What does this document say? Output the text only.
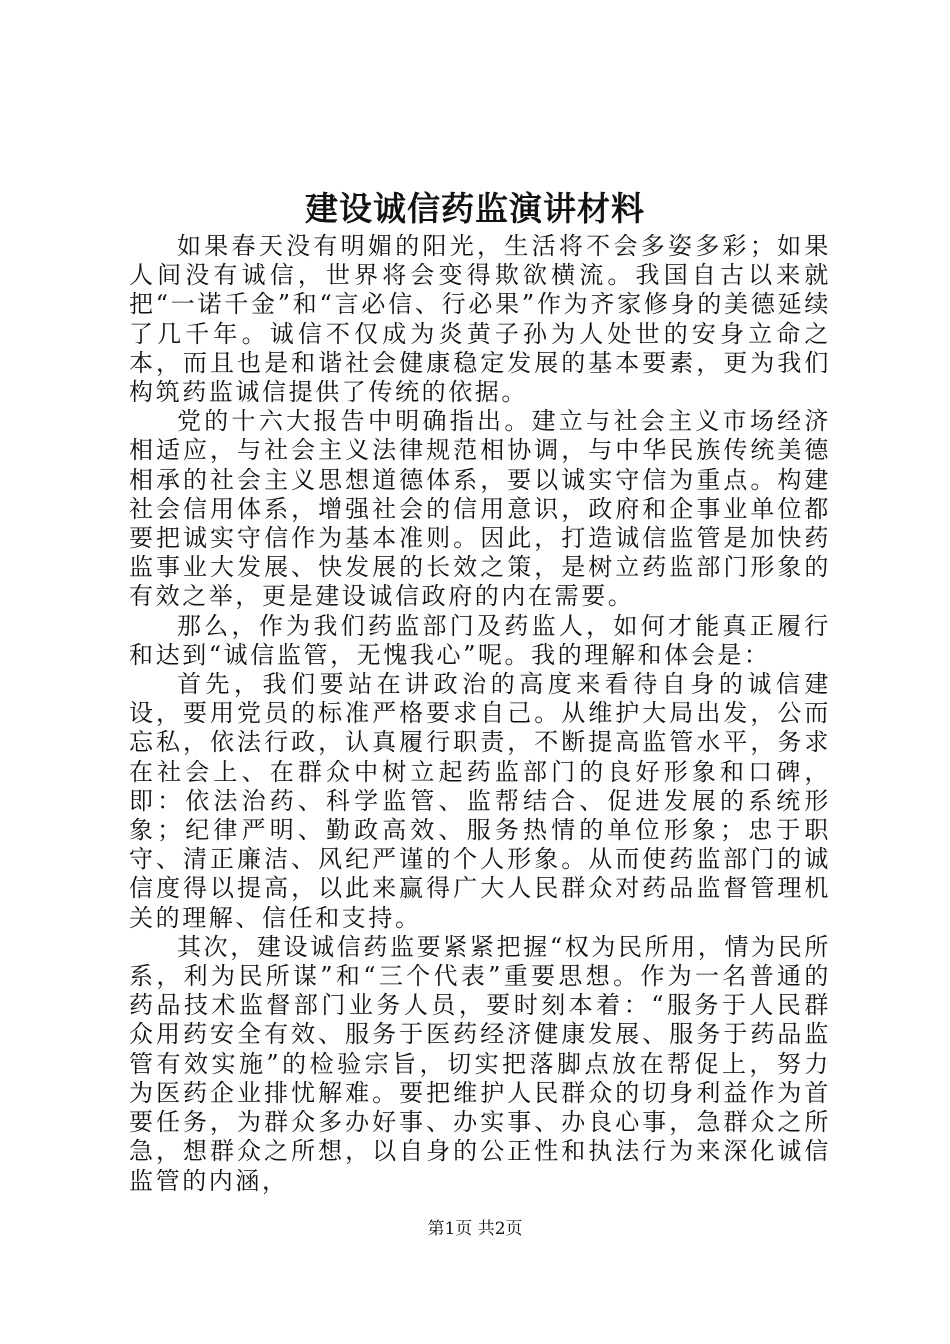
建设诚信药监演讲材料

如果春天没有明媚的阳光，生活将不会多姿多彩；如果人间没有诚信，世界将会变得欺欲横流。我国自古以来就把“一诺千金”和“言必信、行必果”作为齐家修身的美德延续了几千年。诚信不仅成为炎黄子孙为人处世的安身立命之本，而且也是和谐社会健康稳定发展的基本要素，更为我们构筑药监诚信提供了传统的依据。

党的十六大报告中明确指出。建立与社会主义市场经济相适应，与社会主义法律规范相协调，与中华民族传统美德相承的社会主义思想道德体系，要以诚实守信为重点。构建社会信用体系，增强社会的信用意识，政府和企事业单位都要把诚实守信作为基本准则。因此，打造诚信监管是加快药监事业大发展、快发展的长效之策，是树立药监部门形象的有效之举，更是建设诚信政府的内在需要。

那么，作为我们药监部门及药监人，如何才能真正履行和达到“诚信监管，无愧我心”呢。我的理解和体会是：

首先，我们要站在讲政治的高度来看待自身的诚信建设，要用党员的标准严格要求自己。从维护大局出发，公而忘私，依法行政，认真履行职责，不断提高监管水平，务求在社会上、在群众中树立起药监部门的良好形象和口碑，即：依法治药、科学监管、监帮结合、促进发展的系统形象；纪律严明、勤政高效、服务热情的单位形象；忠于职守、清正廉洁、风纪严谨的个人形象。从而使药监部门的诚信度得以提高，以此来赢得广大人民群众对药品监督管理机关的理解、信任和支持。

其次，建设诚信药监要紧紧把握“权为民所用，情为民所系，利为民所谋”和“三个代表”重要思想。作为一名普通的药品技术监督部门业务人员，要时刻本着：“服务于人民群众用药安全有效、服务于医药经济健康发展、服务于药品监管有效实施”的检验宗旨，切实把落脚点放在帮促上，努力为医药企业排忧解难。要把维护人民群众的切身利益作为首要任务，为群众多办好事、办实事、办良心事，急群众之所急，想群众之所想，以自身的公正性和执法行为来深化诚信监管的内涵，

第1页 共2页
